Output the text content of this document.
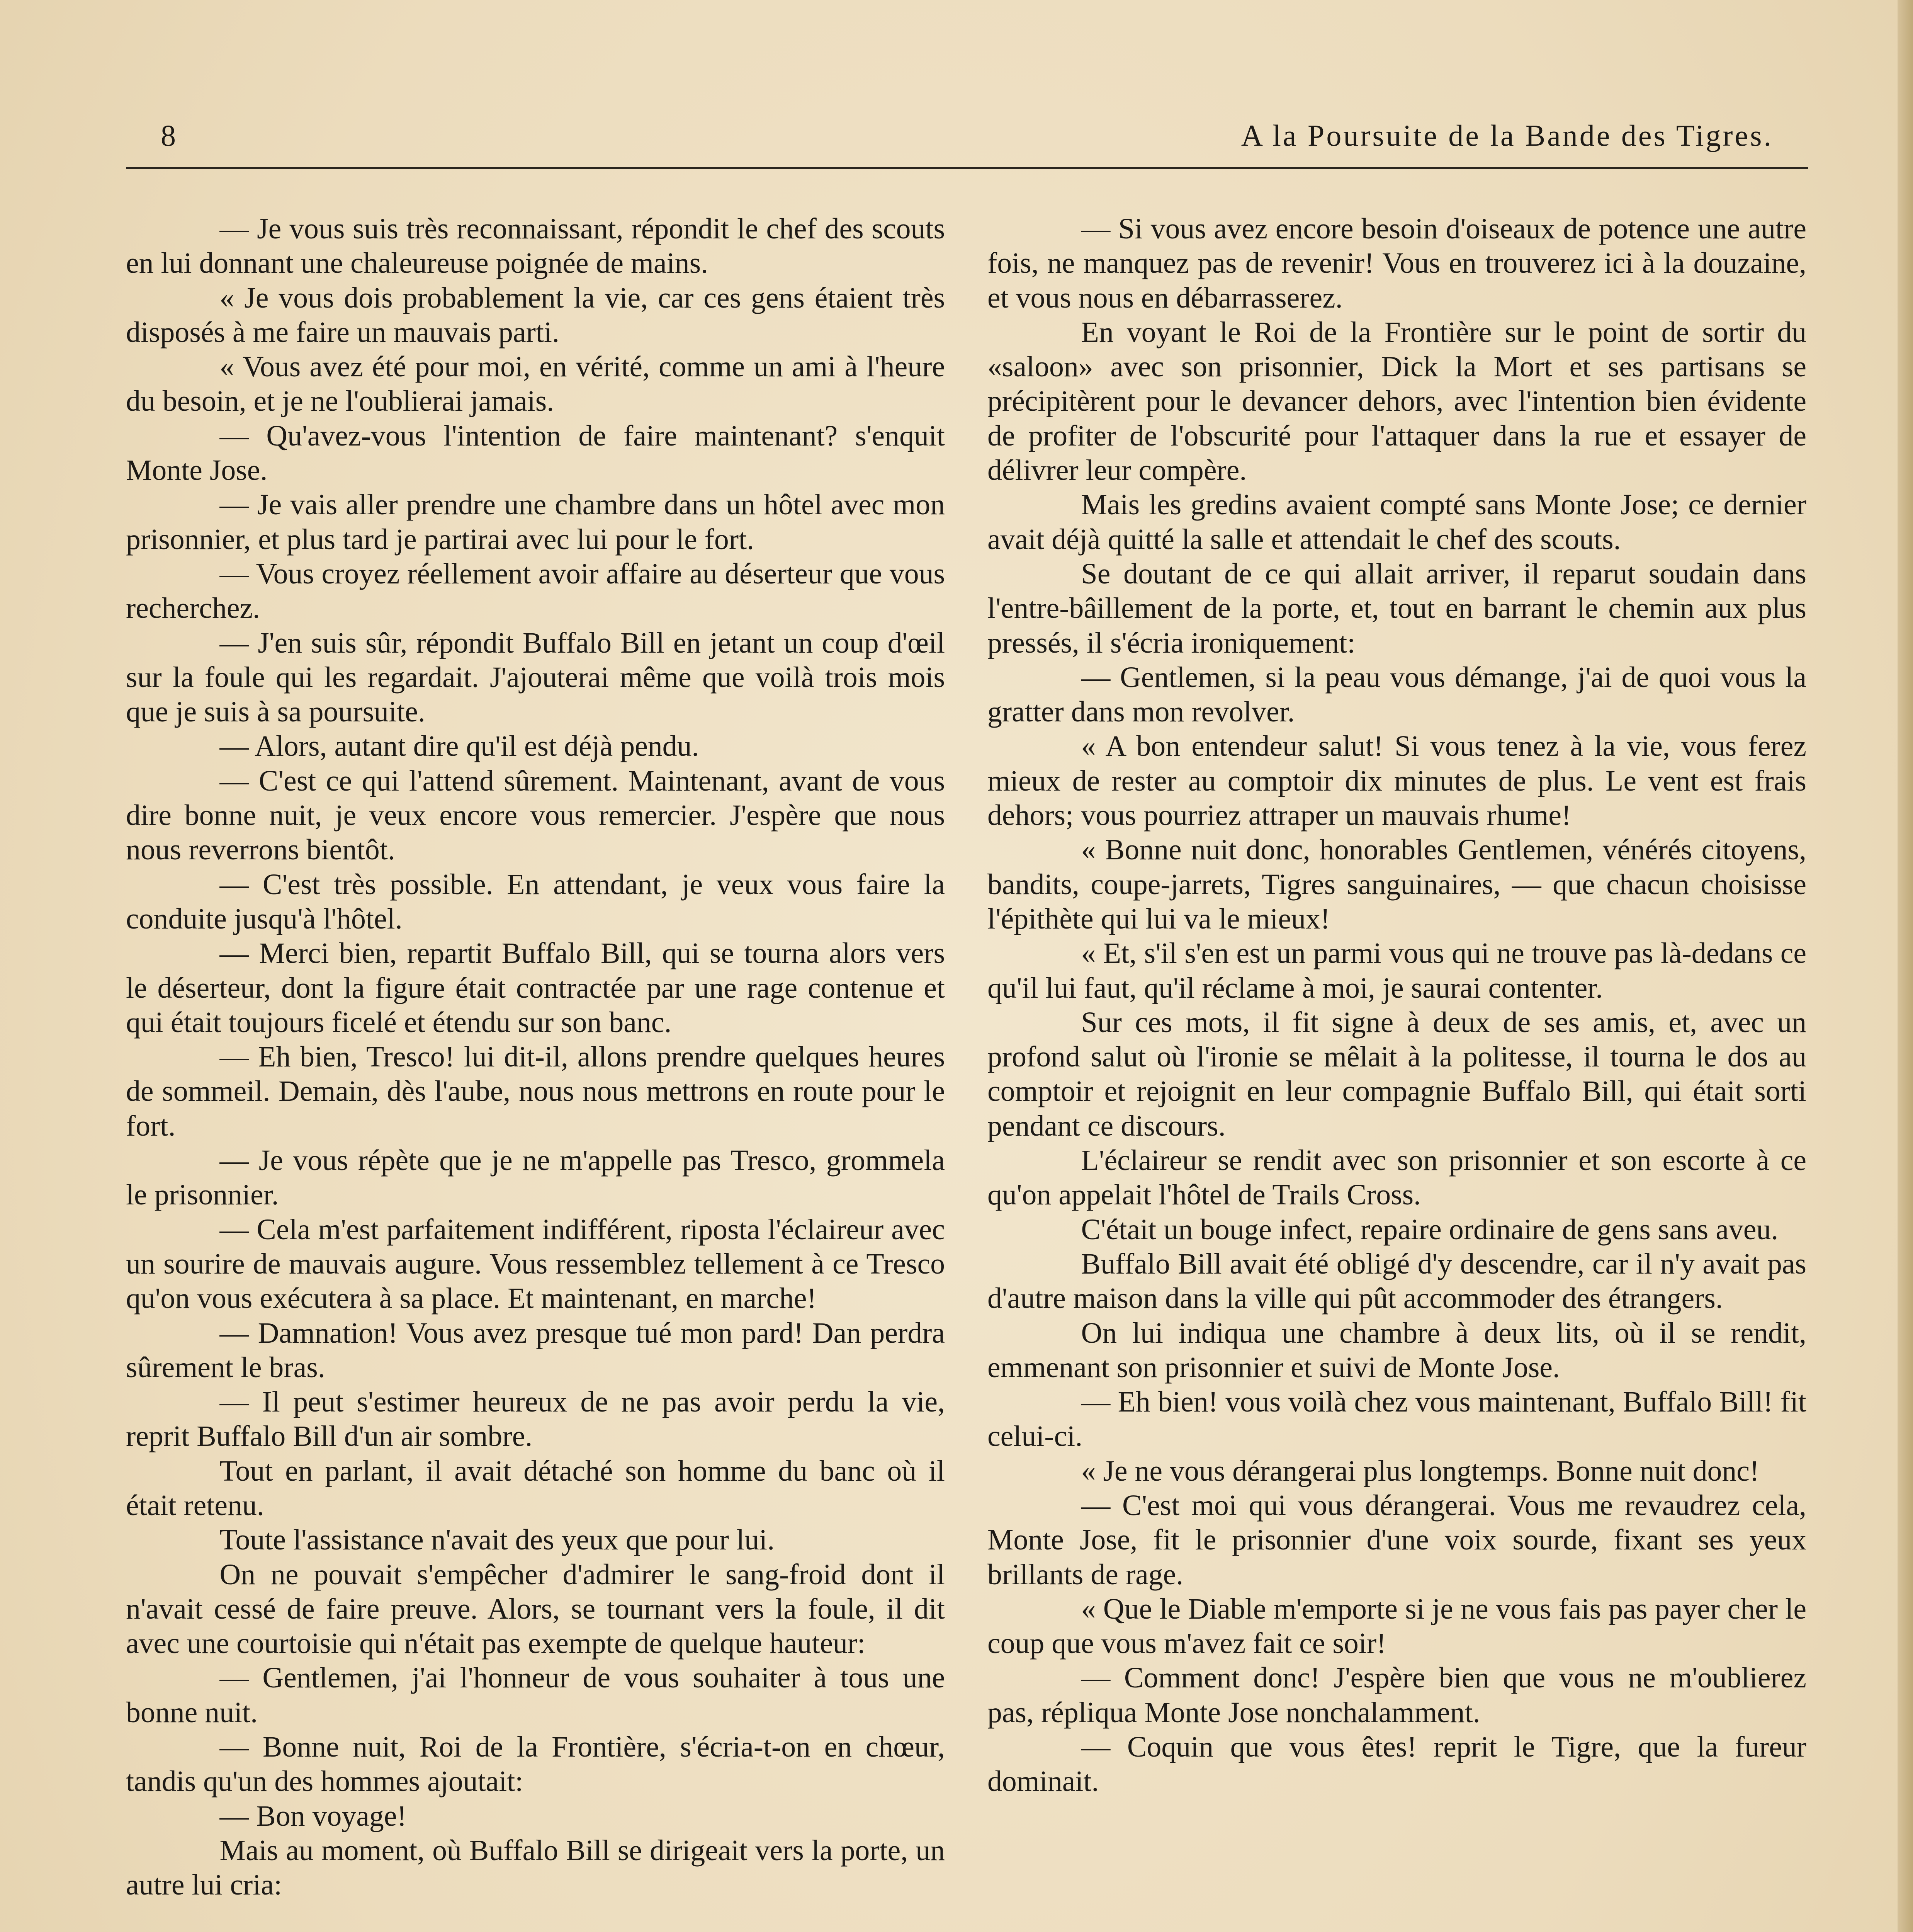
8	A la Poursuite de la Bande des Tigres.

— Je vous suis très reconnaissant, répondit le chef des scouts en lui donnant une chaleureuse poignée de mains.

« Je vous dois probablement la vie, car ces gens étaient très disposés à me faire un mauvais parti.

« Vous avez été pour moi, en vérité, comme un ami à l'heure du besoin, et je ne l'oublierai jamais.

— Qu'avez-vous l'intention de faire maintenant? s'enquit Monte Jose.

— Je vais aller prendre une chambre dans un hôtel avec mon prisonnier, et plus tard je partirai avec lui pour le fort.

— Vous croyez réellement avoir affaire au déserteur que vous recherchez.

— J'en suis sûr, répondit Buffalo Bill en jetant un coup d'œil sur la foule qui les regardait. J'ajouterai même que voilà trois mois que je suis à sa poursuite.

— Alors, autant dire qu'il est déjà pendu.

— C'est ce qui l'attend sûrement. Maintenant, avant de vous dire bonne nuit, je veux encore vous remercier. J'espère que nous nous reverrons bientôt.

— C'est très possible. En attendant, je veux vous faire la conduite jusqu'à l'hôtel.

— Merci bien, repartit Buffalo Bill, qui se tourna alors vers le déserteur, dont la figure était contractée par une rage contenue et qui était toujours ficelé et étendu sur son banc.

— Eh bien, Tresco! lui dit-il, allons prendre quelques heures de sommeil. Demain, dès l'aube, nous nous mettrons en route pour le fort.

— Je vous répète que je ne m'appelle pas Tresco, grommela le prisonnier.

— Cela m'est parfaitement indifférent, riposta l'éclaireur avec un sourire de mauvais augure. Vous ressemblez tellement à ce Tresco qu'on vous exécutera à sa place. Et maintenant, en marche!

— Damnation! Vous avez presque tué mon pard! Dan perdra sûrement le bras.

— Il peut s'estimer heureux de ne pas avoir perdu la vie, reprit Buffalo Bill d'un air sombre.

Tout en parlant, il avait détaché son homme du banc où il était retenu.

Toute l'assistance n'avait des yeux que pour lui.

On ne pouvait s'empêcher d'admirer le sang-froid dont il n'avait cessé de faire preuve. Alors, se tournant vers la foule, il dit avec une courtoisie qui n'était pas exempte de quelque hauteur:

— Gentlemen, j'ai l'honneur de vous souhaiter à tous une bonne nuit.

— Bonne nuit, Roi de la Frontière, s'écria-t-on en chœur, tandis qu'un des hommes ajoutait:

— Bon voyage!

Mais au moment, où Buffalo Bill se dirigeait vers la porte, un autre lui cria:

— Si vous avez encore besoin d'oiseaux de potence une autre fois, ne manquez pas de revenir! Vous en trouverez ici à la douzaine, et vous nous en débarrasserez.

En voyant le Roi de la Frontière sur le point de sortir du «saloon» avec son prisonnier, Dick la Mort et ses partisans se précipitèrent pour le devancer dehors, avec l'intention bien évidente de profiter de l'obscurité pour l'attaquer dans la rue et essayer de délivrer leur compère.

Mais les gredins avaient compté sans Monte Jose; ce dernier avait déjà quitté la salle et attendait le chef des scouts.

Se doutant de ce qui allait arriver, il reparut soudain dans l'entre-bâillement de la porte, et, tout en barrant le chemin aux plus pressés, il s'écria ironiquement:

— Gentlemen, si la peau vous démange, j'ai de quoi vous la gratter dans mon revolver.

« A bon entendeur salut! Si vous tenez à la vie, vous ferez mieux de rester au comptoir dix minutes de plus. Le vent est frais dehors; vous pourriez attraper un mauvais rhume!

« Bonne nuit donc, honorables Gentlemen, vénérés citoyens, bandits, coupe-jarrets, Tigres sanguinaires, — que chacun choisisse l'épithète qui lui va le mieux!

« Et, s'il s'en est un parmi vous qui ne trouve pas là-dedans ce qu'il lui faut, qu'il réclame à moi, je saurai contenter.

Sur ces mots, il fit signe à deux de ses amis, et, avec un profond salut où l'ironie se mêlait à la politesse, il tourna le dos au comptoir et rejoignit en leur compagnie Buffalo Bill, qui était sorti pendant ce discours.

L'éclaireur se rendit avec son prisonnier et son escorte à ce qu'on appelait l'hôtel de Trails Cross.

C'était un bouge infect, repaire ordinaire de gens sans aveu.

Buffalo Bill avait été obligé d'y descendre, car il n'y avait pas d'autre maison dans la ville qui pût accommoder des étrangers.

On lui indiqua une chambre à deux lits, où il se rendit, emmenant son prisonnier et suivi de Monte Jose.

— Eh bien! vous voilà chez vous maintenant, Buffalo Bill! fit celui-ci.

« Je ne vous dérangerai plus longtemps. Bonne nuit donc!

— C'est moi qui vous dérangerai. Vous me revaudrez cela, Monte Jose, fit le prisonnier d'une voix sourde, fixant ses yeux brillants de rage.

« Que le Diable m'emporte si je ne vous fais pas payer cher le coup que vous m'avez fait ce soir!

— Comment donc! J'espère bien que vous ne m'oublierez pas, répliqua Monte Jose nonchalamment.

— Coquin que vous êtes! reprit le Tigre, que la fureur dominait.
